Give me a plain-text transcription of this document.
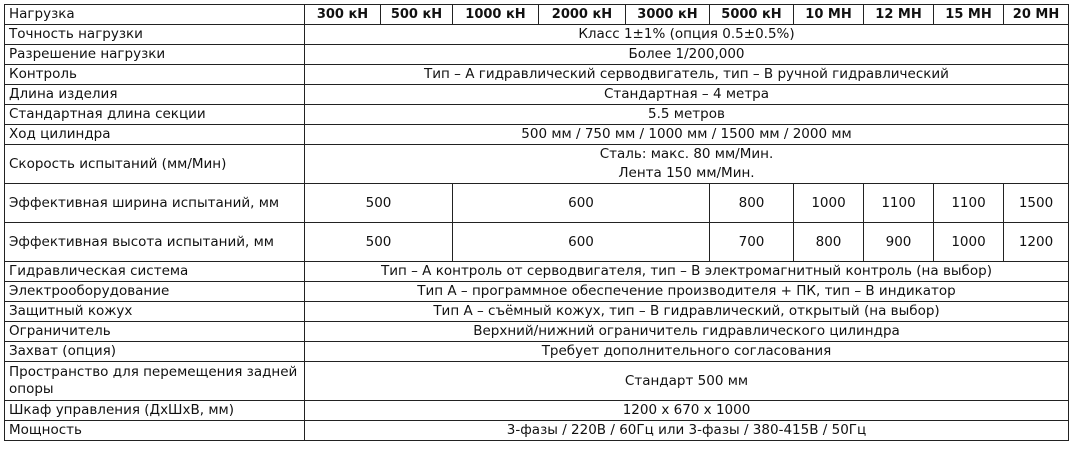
Нагрузка	300 кН	500 кН	1000 кН	2000 кН	3000 кН	5000 кН	10 МН	12 МН	15 МН	20 МН
Точность нагрузки	Класс 1±1% (опция 0.5±0.5%)									
Разрешение нагрузки	Более 1/200,000									
Контроль	Тип – А гидравлический серводвигатель, тип – В ручной гидравлический									
Длина изделия	Стандартная – 4 метра									
Стандартная длина секции	5.5 метров									
Ход цилиндра	500 мм / 750 мм / 1000 мм / 1500 мм / 2000 мм									
Скорость испытаний (мм/Мин)	Сталь: макс. 80 мм/Мин.
Лента 150 мм/Мин.									

Эффективная ширина испытаний, мм	500		600			800	1000	1100	1100	1500
Эффективная высота испытаний, мм	500		600			700	800	900	1000	1200
Гидравлическая система	Тип – А контроль от серводвигателя, тип – В электромагнитный контроль (на выбор)									
Электрооборудование	Тип А – программное обеспечение производителя + ПК, тип – В индикатор									
Защитный кожух	Тип А – съёмный кожух, тип – В гидравлический, открытый (на выбор)									
Ограничитель	Верхний/нижний ограничитель гидравлического цилиндра									
Захват (опция)	Требует дополнительного согласования									
Пространство для перемещения задней опоры	Стандарт 500 мм									
Шкаф управления (ДхШхВ, мм)	1200 x 670 x 1000									
Мощность	3-фазы / 220В / 60Гц или 3-фазы / 380-415В / 50Гц									
